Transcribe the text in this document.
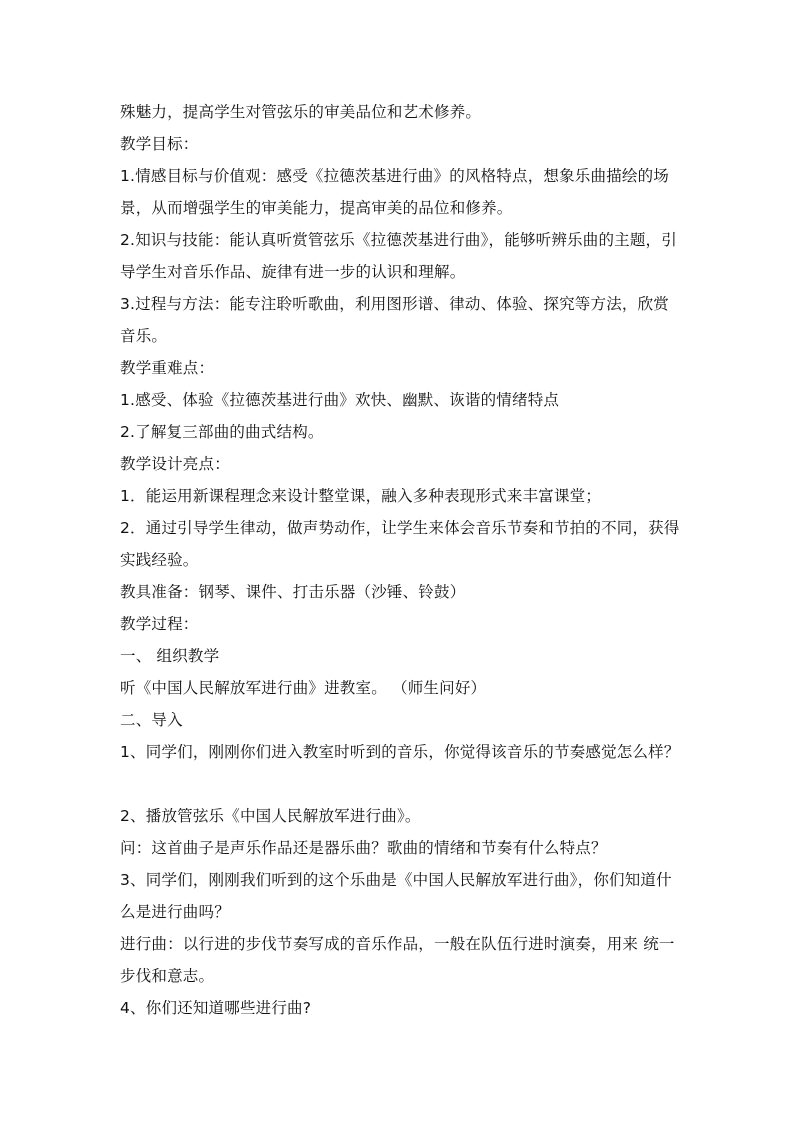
殊魅力，提高学生对管弦乐的审美品位和艺术修养。

教学目标：

1.情感目标与价值观：感受《拉德茨基进行曲》的风格特点，想象乐曲描绘的场景，从而增强学生的审美能力，提高审美的品位和修养。

2.知识与技能：能认真听赏管弦乐《拉德茨基进行曲》，能够听辨乐曲的主题，引导学生对音乐作品、旋律有进一步的认识和理解。

3.过程与方法：能专注聆听歌曲，利用图形谱、律动、体验、探究等方法，欣赏音乐。

教学重难点：

1.感受、体验《拉德茨基进行曲》欢快、幽默、诙谐的情绪特点

2.了解复三部曲的曲式结构。

教学设计亮点：

1．能运用新课程理念来设计整堂课，融入多种表现形式来丰富课堂；

2．通过引导学生律动，做声势动作，让学生来体会音乐节奏和节拍的不同，获得实践经验。

教具准备：钢琴、课件、打击乐器（沙锤、铃鼓）

教学过程：

一、 组织教学

听《中国人民解放军进行曲》进教室。 （师生问好）

二、导入

1、同学们，刚刚你们进入教室时听到的音乐，你觉得该音乐的节奏感觉怎么样？

2、播放管弦乐《中国人民解放军进行曲》。

问：这首曲子是声乐作品还是器乐曲？歌曲的情绪和节奏有什么特点？

3、同学们，刚刚我们听到的这个乐曲是《中国人民解放军进行曲》，你们知道什么是进行曲吗？

进行曲：以行进的步伐节奏写成的音乐作品，一般在队伍行进时演奏，用来 统一步伐和意志。

4、你们还知道哪些进行曲?
